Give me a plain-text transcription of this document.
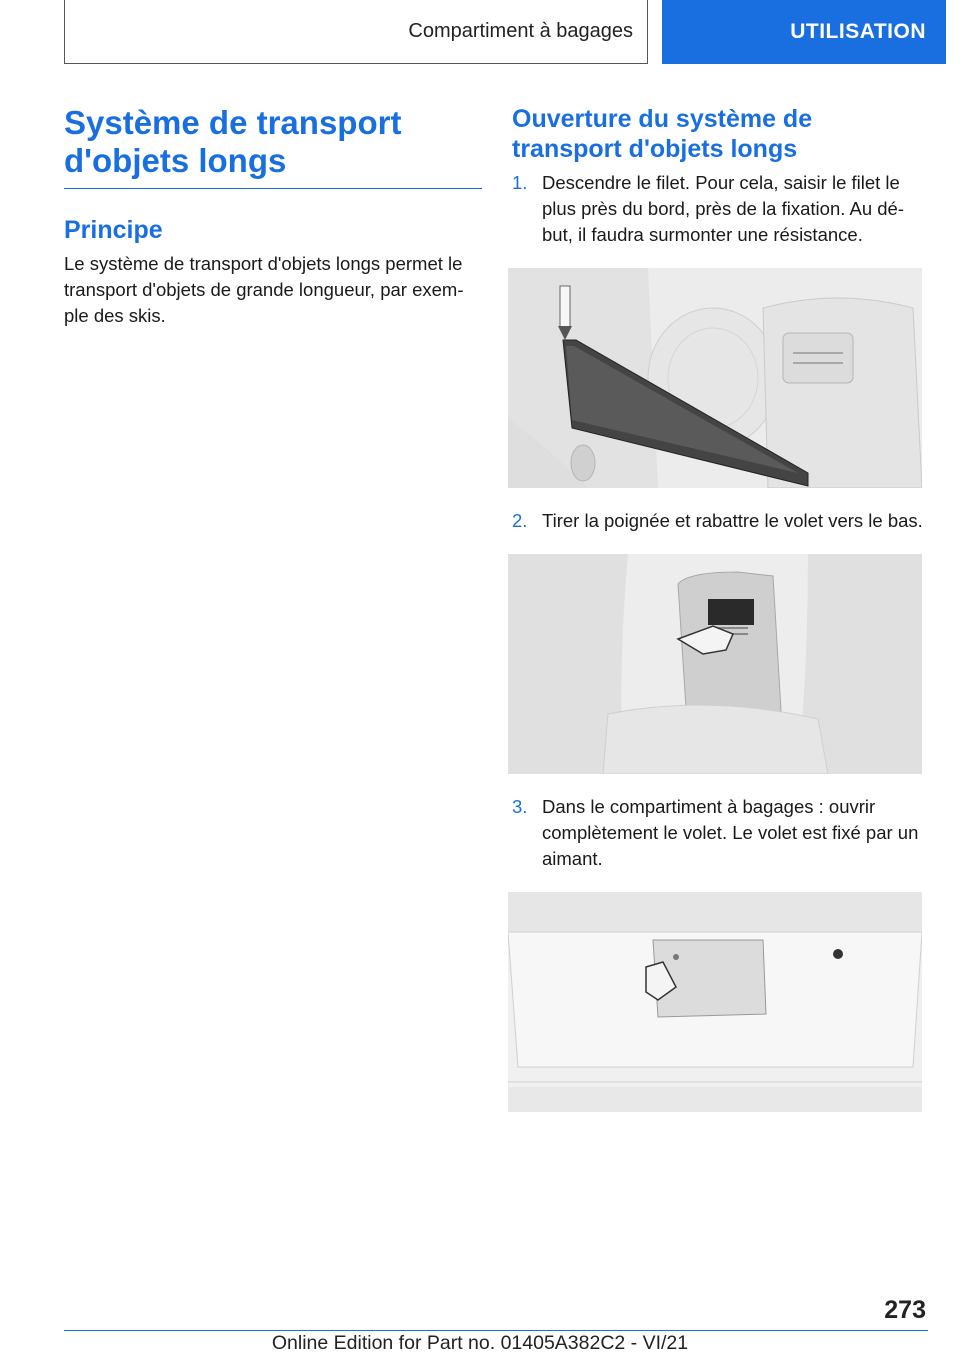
Compartiment à bagages	UTILISATION
Système de transport
d'objets longs
Principe

Le système de transport d'objets longs permet le transport d'objets de grande longueur, par exem-ple des skis.

Ouverture du système de
transport d'objets longs
1. Descendre le filet. Pour cela, saisir le filet le plus près du bord, près de la fixation. Au dé-but, il faudra surmonter une résistance.
2. Tirer la poignée et rabattre le volet vers le bas.
3. Dans le compartiment à bagages : ouvrir complètement le volet. Le volet est fixé par un aimant.
273
Online Edition for Part no. 01405A382C2 - VI/21
